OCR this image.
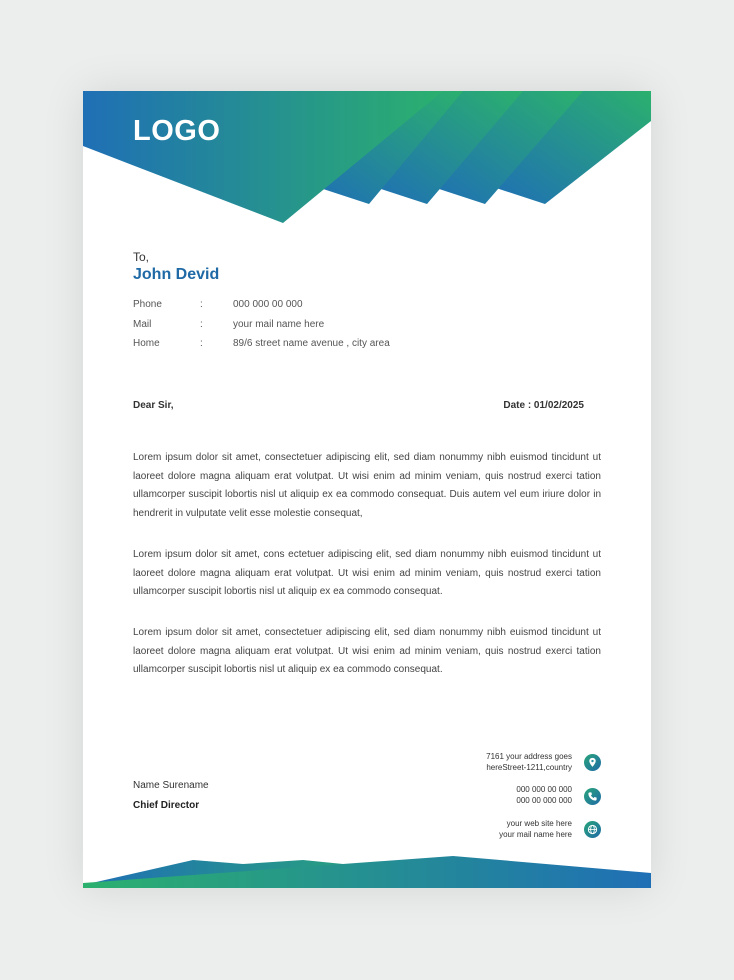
LOGO
To,
John Devid
Phone	:	000 000 00 000
Mail	:	your mail name here
Home	:	89/6 street name avenue , city area
Dear Sir,	Date : 01/02/2025

Lorem ipsum dolor sit amet, consectetuer adipiscing elit, sed diam nonummy nibh euismod tincidunt ut laoreet dolore magna aliquam erat volutpat. Ut wisi enim ad minim veniam, quis nostrud exerci tation ullamcorper suscipit lobortis nisl ut aliquip ex ea commodo consequat. Duis autem vel eum iriure dolor in hendrerit in vulputate velit esse molestie consequat,

Lorem ipsum dolor sit amet, cons ectetuer adipiscing elit, sed diam nonummy nibh euismod tincidunt ut laoreet dolore magna aliquam erat volutpat. Ut wisi enim ad minim veniam, quis nostrud exerci tation ullamcorper suscipit lobortis nisl ut aliquip ex ea commodo consequat.

Lorem ipsum dolor sit amet, consectetuer adipiscing elit, sed diam nonummy nibh euismod tincidunt ut laoreet dolore magna aliquam erat volutpat. Ut wisi enim ad minim veniam, quis nostrud exerci tation ullamcorper suscipit lobortis nisl ut aliquip ex ea commodo consequat.

Name Surename
Chief Director
7161 your address goes
hereStreet-1211,country
000 000 00 000
000 00 000 000
your web site here
your mail name here
